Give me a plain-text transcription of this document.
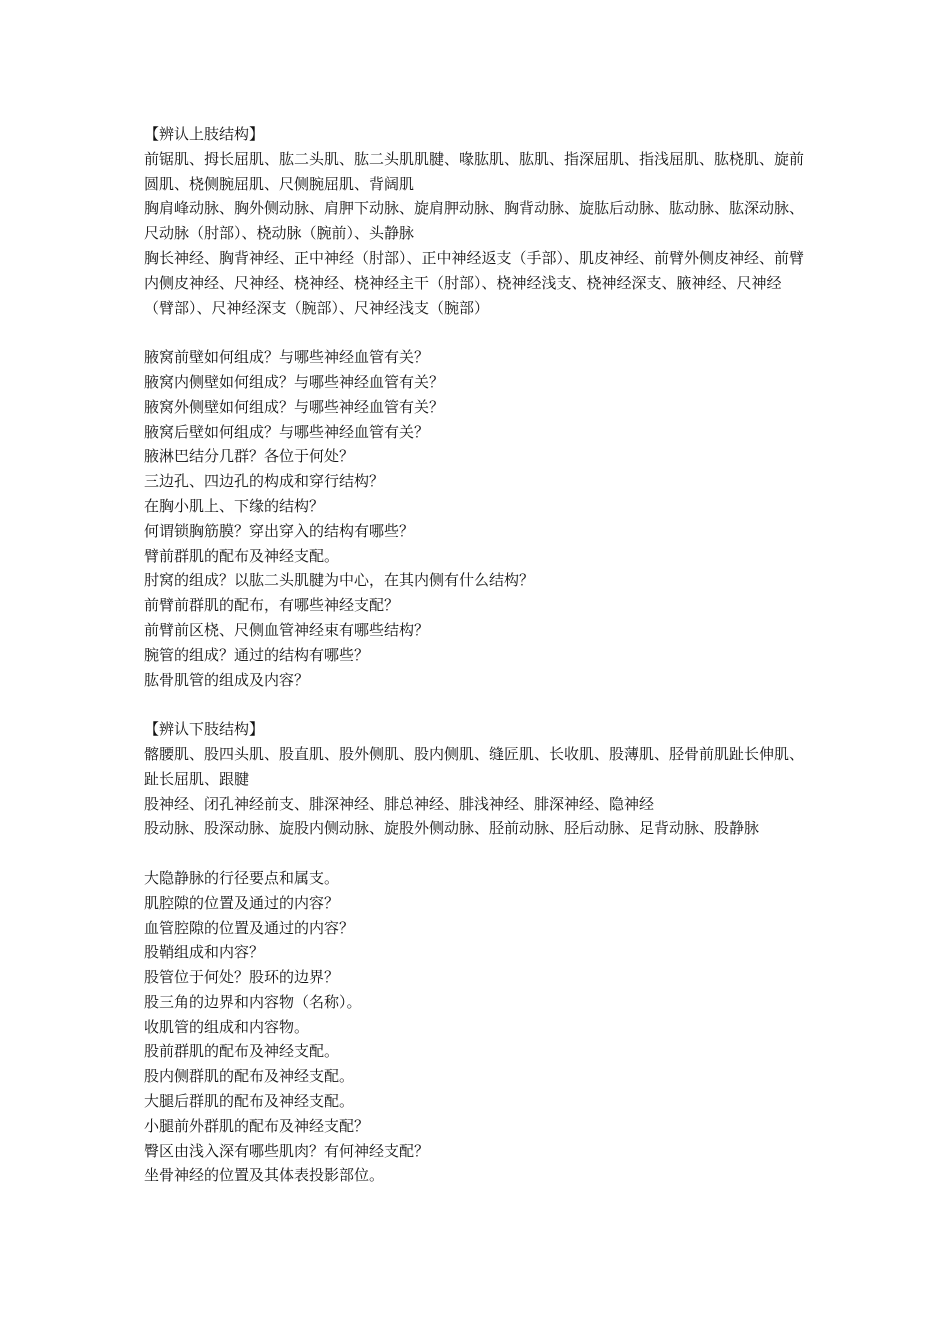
【辨认上肢结构】
前锯肌、拇长屈肌、肱二头肌、肱二头肌肌腱、喙肱肌、肱肌、指深屈肌、指浅屈肌、肱桡肌、旋前圆肌、桡侧腕屈肌、尺侧腕屈肌、背阔肌
胸肩峰动脉、胸外侧动脉、肩胛下动脉、旋肩胛动脉、胸背动脉、旋肱后动脉、肱动脉、肱深动脉、尺动脉（肘部）、桡动脉（腕前）、头静脉
胸长神经、胸背神经、正中神经（肘部）、正中神经返支（手部）、肌皮神经、前臂外侧皮神经、前臂内侧皮神经、尺神经、桡神经、桡神经主干（肘部）、桡神经浅支、桡神经深支、腋神经、尺神经（臂部）、尺神经深支（腕部）、尺神经浅支（腕部）
腋窝前壁如何组成？与哪些神经血管有关？
腋窝内侧壁如何组成？与哪些神经血管有关？
腋窝外侧壁如何组成？与哪些神经血管有关？
腋窝后壁如何组成？与哪些神经血管有关？
腋淋巴结分几群？各位于何处？
三边孔、四边孔的构成和穿行结构？
在胸小肌上、下缘的结构？
何谓锁胸筋膜？穿出穿入的结构有哪些？
臂前群肌的配布及神经支配。
肘窝的组成？以肱二头肌腱为中心，在其内侧有什么结构？
前臂前群肌的配布，有哪些神经支配？
前臂前区桡、尺侧血管神经束有哪些结构？
腕管的组成？通过的结构有哪些？
肱骨肌管的组成及内容？
【辨认下肢结构】
髂腰肌、股四头肌、股直肌、股外侧肌、股内侧肌、缝匠肌、长收肌、股薄肌、胫骨前肌趾长伸肌、趾长屈肌、跟腱
股神经、闭孔神经前支、腓深神经、腓总神经、腓浅神经、腓深神经、隐神经
股动脉、股深动脉、旋股内侧动脉、旋股外侧动脉、胫前动脉、胫后动脉、足背动脉、股静脉
大隐静脉的行径要点和属支。
肌腔隙的位置及通过的内容？
血管腔隙的位置及通过的内容？
股鞘组成和内容？
股管位于何处？股环的边界？
股三角的边界和内容物（名称）。
收肌管的组成和内容物。
股前群肌的配布及神经支配。
股内侧群肌的配布及神经支配。
大腿后群肌的配布及神经支配。
小腿前外群肌的配布及神经支配？
臀区由浅入深有哪些肌肉？有何神经支配？
坐骨神经的位置及其体表投影部位。
